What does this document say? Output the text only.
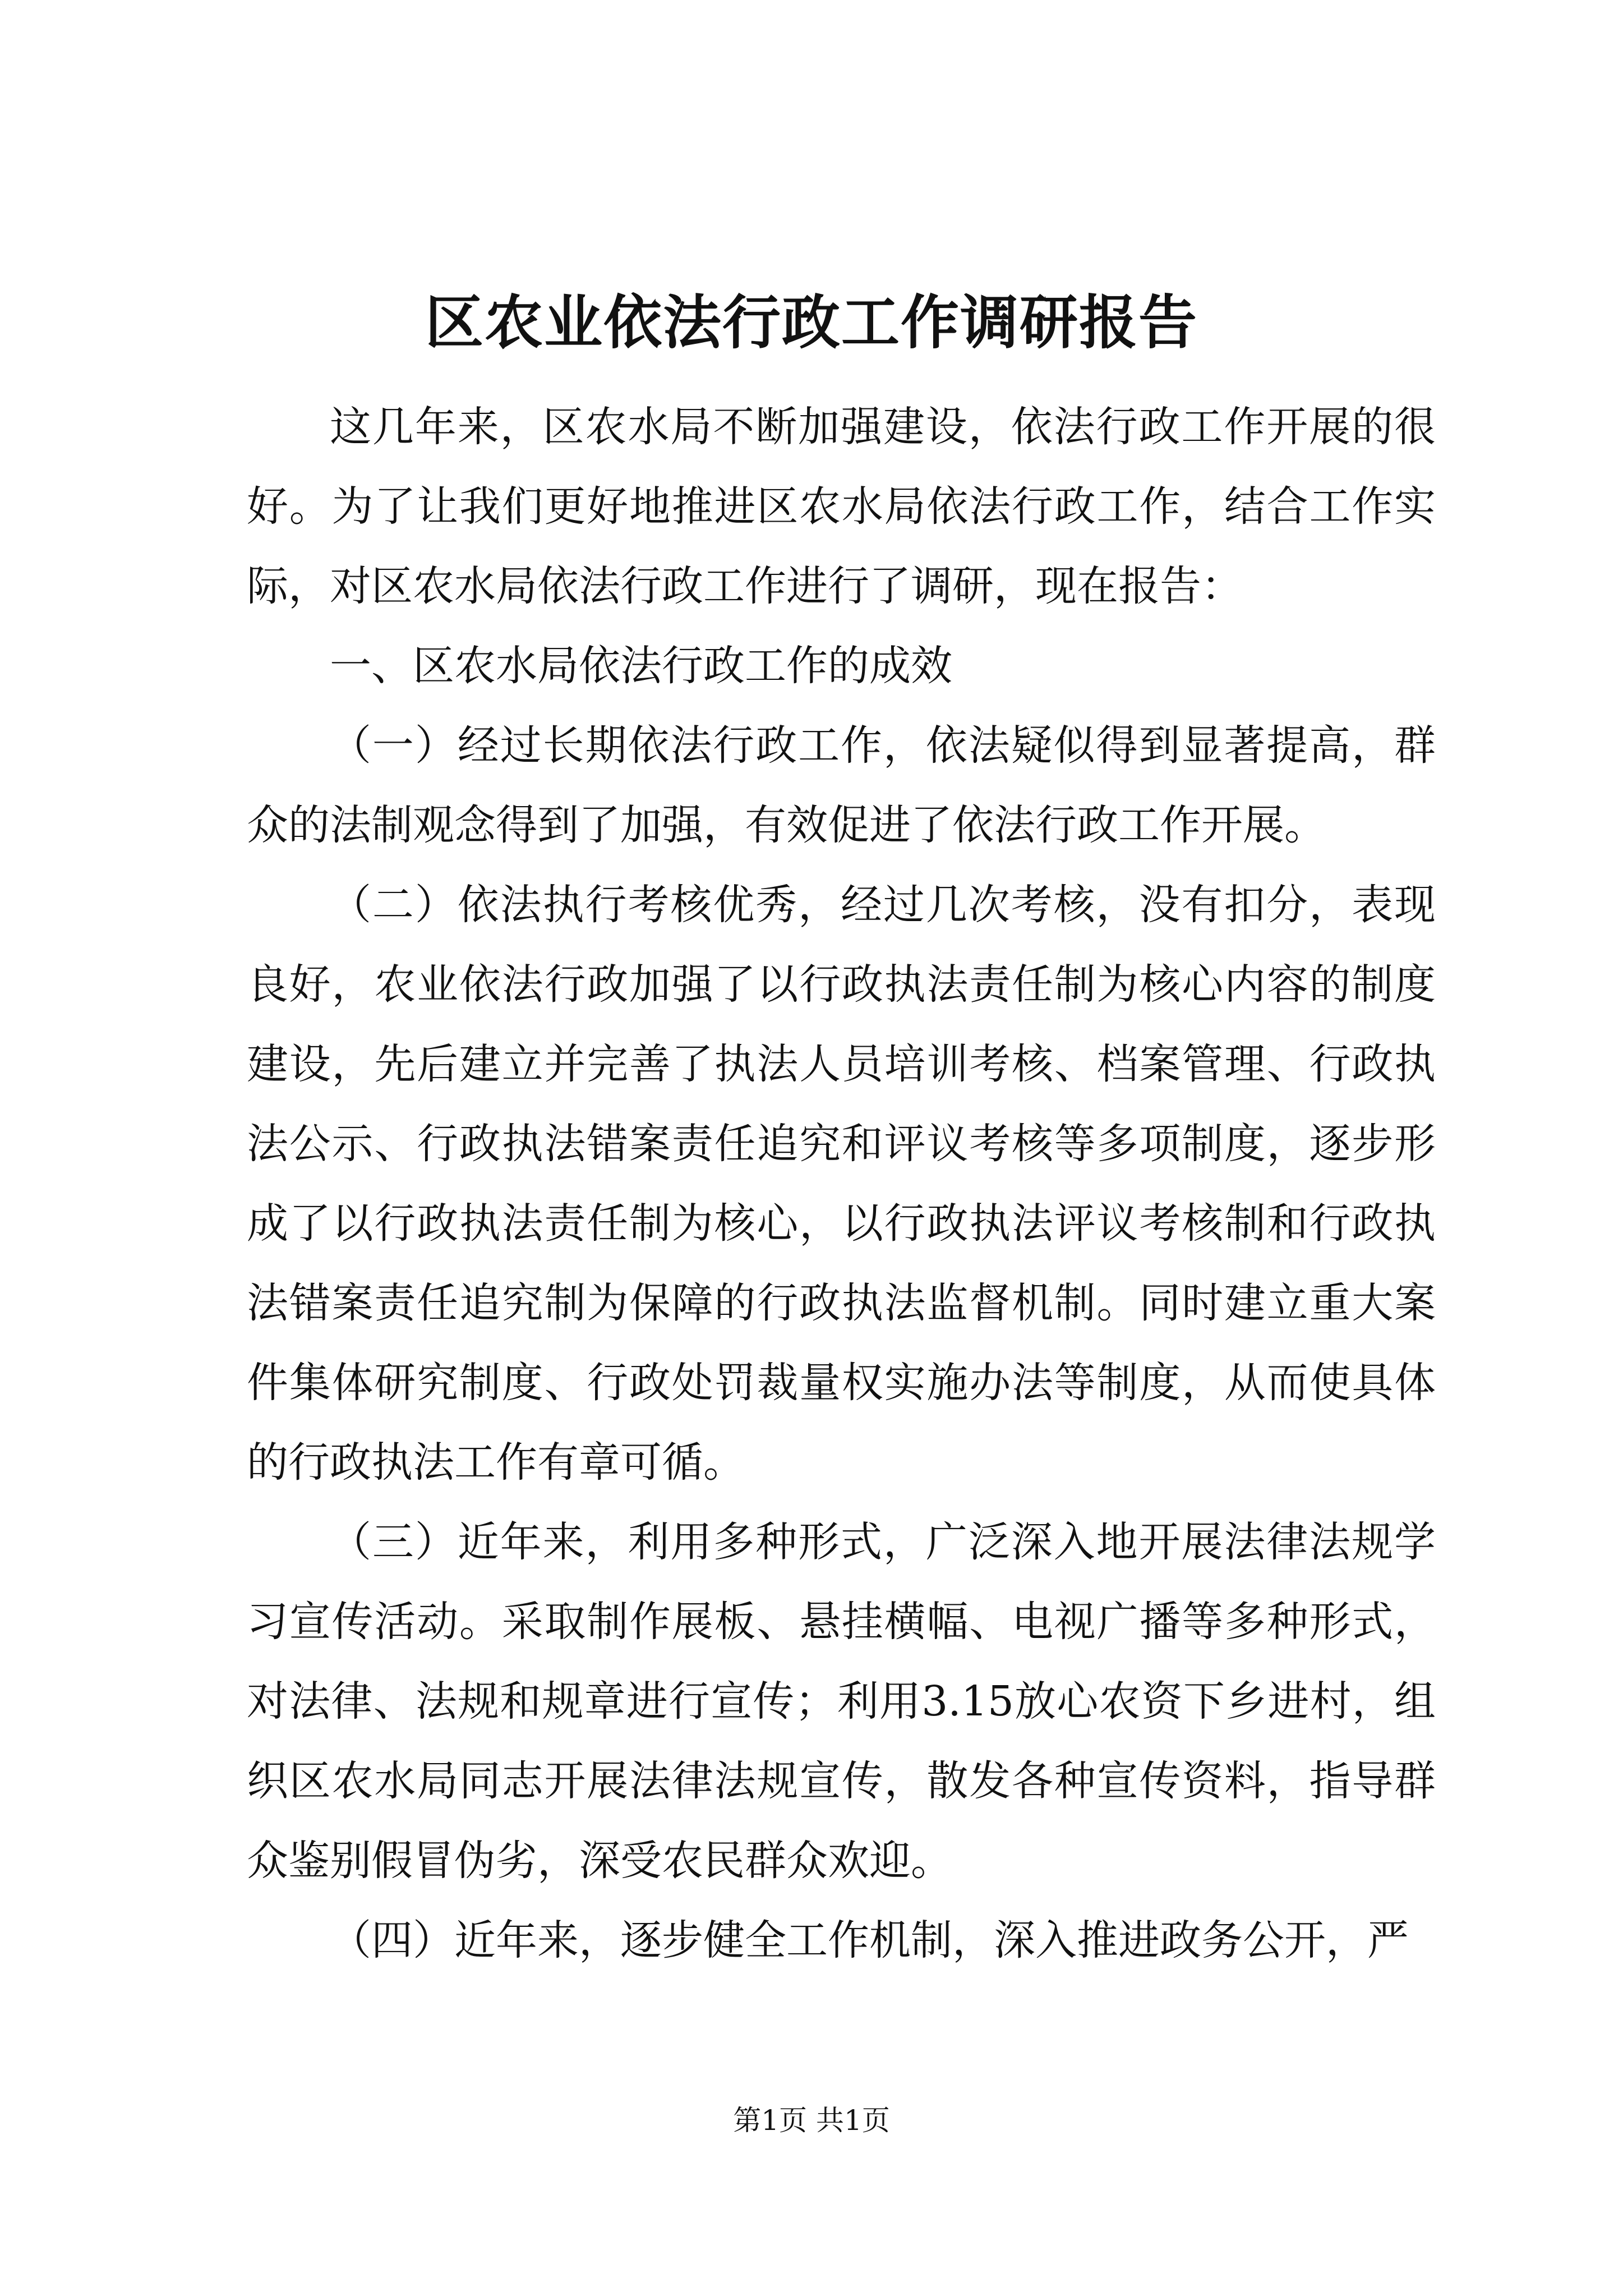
区农业依法行政工作调研报告

这几年来，区农水局不断加强建设，依法行政工作开展的很好。为了让我们更好地推进区农水局依法行政工作，结合工作实际，对区农水局依法行政工作进行了调研，现在报告：

一、区农水局依法行政工作的成效

（一）经过长期依法行政工作，依法疑似得到显著提高，群众的法制观念得到了加强，有效促进了依法行政工作开展。

（二）依法执行考核优秀，经过几次考核，没有扣分，表现良好，农业依法行政加强了以行政执法责任制为核心内容的制度建设，先后建立并完善了执法人员培训考核、档案管理、行政执法公示、行政执法错案责任追究和评议考核等多项制度，逐步形成了以行政执法责任制为核心，以行政执法评议考核制和行政执法错案责任追究制为保障的行政执法监督机制。同时建立重大案件集体研究制度、行政处罚裁量权实施办法等制度，从而使具体的行政执法工作有章可循。

（三）近年来，利用多种形式，广泛深入地开展法律法规学习宣传活动。采取制作展板、悬挂横幅、电视广播等多种形式，对法律、法规和规章进行宣传；利用3.15放心农资下乡进村，组织区农水局同志开展法律法规宣传，散发各种宣传资料，指导群众鉴别假冒伪劣，深受农民群众欢迎。

（四）近年来，逐步健全工作机制，深入推进政务公开，严

第1页 共1页
